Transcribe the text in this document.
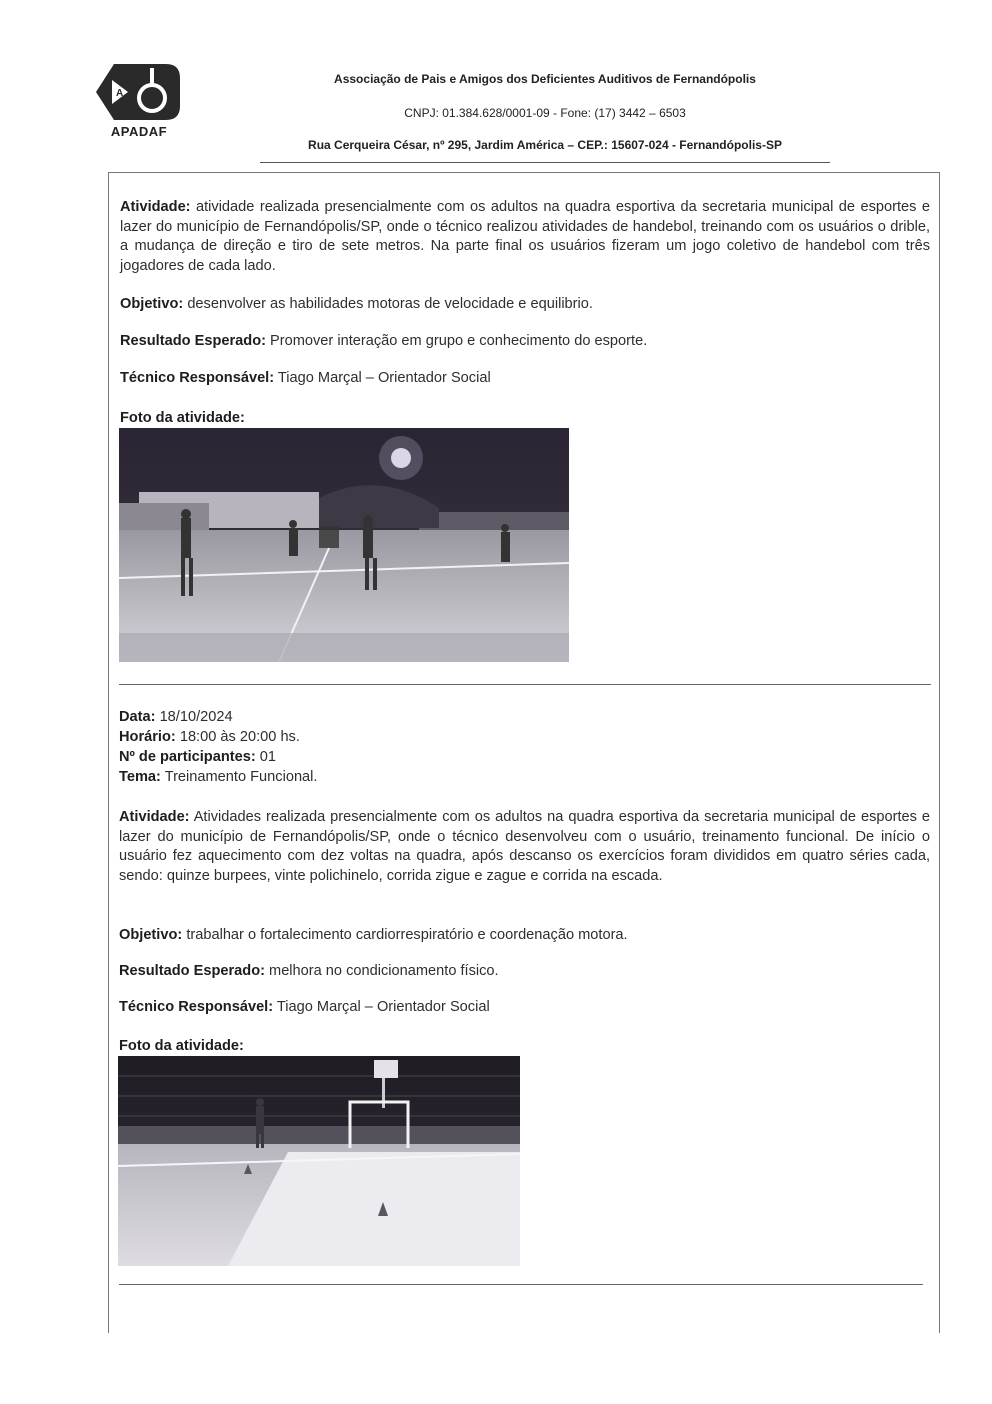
A
APADAF
Associação de Pais e Amigos dos Deficientes Auditivos de Fernandópolis
CNPJ: 01.384.628/0001-09 - Fone: (17) 3442 – 6503
Rua Cerqueira César, nº 295, Jardim América – CEP.: 15607-024 - Fernandópolis-SP
Atividade: atividade realizada presencialmente com os adultos na quadra esportiva da secretaria municipal de esportes e lazer do município de Fernandópolis/SP, onde o técnico realizou atividades de handebol, treinando com os usuários o drible, a mudança de direção e tiro de sete metros. Na parte final os usuários fizeram um jogo coletivo de handebol com três jogadores de cada lado.
Objetivo: desenvolver as habilidades motoras de velocidade e equilibrio.
Resultado Esperado: Promover interação em grupo e conhecimento do esporte.
Técnico Responsável: Tiago Marçal – Orientador Social
Foto da atividade:
Data: 18/10/2024
Horário: 18:00 às 20:00 hs.
Nº de participantes: 01
Tema: Treinamento Funcional.
Atividade: Atividades realizada presencialmente com os adultos na quadra esportiva da secretaria municipal de esportes e lazer do município de Fernandópolis/SP, onde o técnico desenvolveu com o usuário, treinamento funcional. De início o usuário fez aquecimento com dez voltas na quadra, após descanso os exercícios foram divididos em quatro séries cada, sendo: quinze burpees, vinte polichinelo, corrida zigue e zague e corrida na escada.
Objetivo: trabalhar o fortalecimento cardiorrespiratório e coordenação motora.
Resultado Esperado: melhora no condicionamento físico.
Técnico Responsável: Tiago Marçal – Orientador Social
Foto da atividade:
